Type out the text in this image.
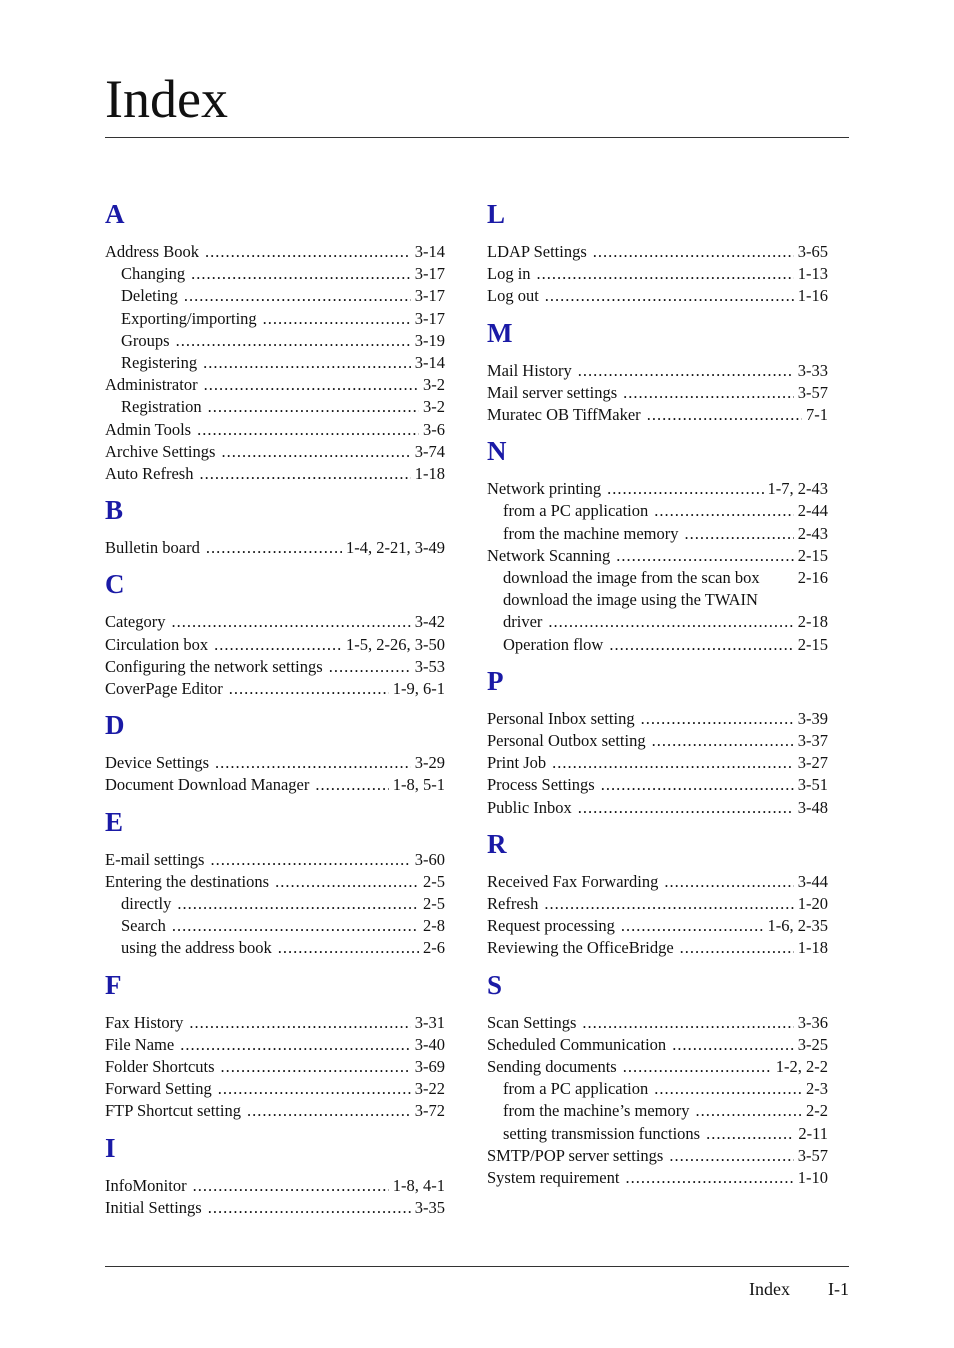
Index
A
Address Book .....	3-14
Changing .....	3-17
Deleting .....	3-17
Exporting/importing .....	3-17
Groups .....	3-19
Registering .....	3-14
Administrator .....	3-2
Registration .....	3-2
Admin Tools .....	3-6
Archive Settings .....	3-74
Auto Refresh .....	1-18
B
Bulletin board .....	1-4, 2-21, 3-49
C
Category .....	3-42
Circulation box .....	1-5, 2-26, 3-50
Configuring the network settings .....	3-53
CoverPage Editor .....	1-9, 6-1
D
Device Settings .....	3-29
Document Download Manager .....	1-8, 5-1
E
E-mail settings .....	3-60
Entering the destinations .....	2-5
directly .....	2-5
Search .....	2-8
using the address book .....	2-6
F
Fax History .....	3-31
File Name .....	3-40
Folder Shortcuts .....	3-69
Forward Setting .....	3-22
FTP Shortcut setting .....	3-72
I
InfoMonitor .....	1-8, 4-1
Initial Settings .....	3-35
L
LDAP Settings .....	3-65
Log in .....	1-13
Log out .....	1-16
M
Mail History .....	3-33
Mail server settings .....	3-57
Muratec OB TiffMaker .....	7-1
N
Network printing .....	1-7, 2-43
from a PC application .....	2-44
from the machine memory .....	2-43
Network Scanning .....	2-15
download the image from the scan box 2-16
download the image using the TWAIN
driver .....	2-18
Operation flow .....	2-15
P
Personal Inbox setting .....	3-39
Personal Outbox setting .....	3-37
Print Job .....	3-27
Process Settings .....	3-51
Public Inbox .....	3-48
R
Received Fax Forwarding .....	3-44
Refresh .....	1-20
Request processing .....	1-6, 2-35
Reviewing the OfficeBridge .....	1-18
S
Scan Settings .....	3-36
Scheduled Communication .....	3-25
Sending documents .....	1-2, 2-2
from a PC application .....	2-3
from the machine’s memory .....	2-2
setting transmission functions .....	2-11
SMTP/POP server settings .....	3-57
System requirement .....	1-10
Index I-1
